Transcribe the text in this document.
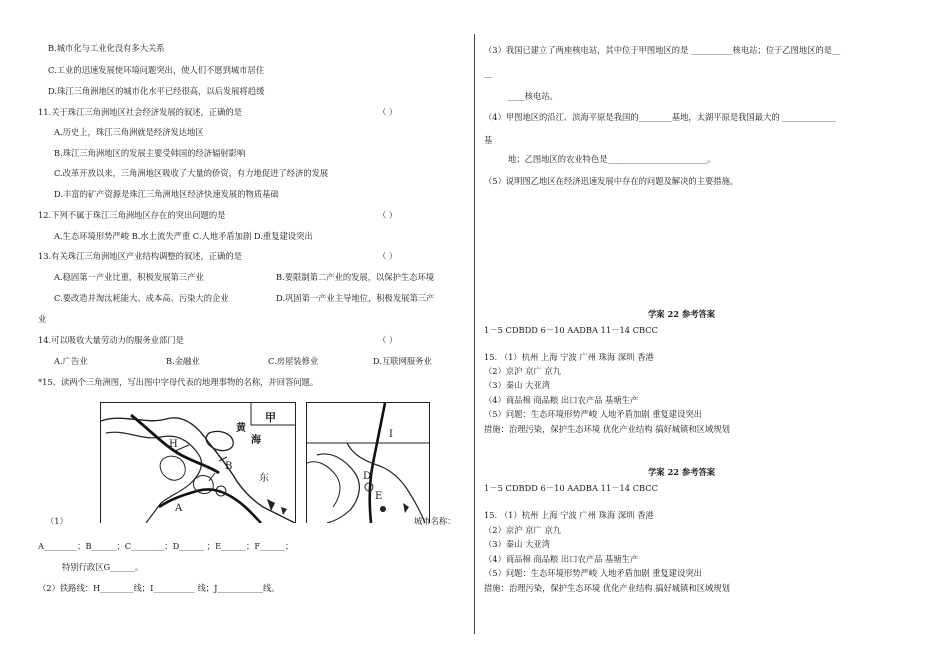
B.城市化与工业化没有多大关系
C.工业的迅速发展使环境问题突出，使人们不愿到城市居住
D.珠江三角洲地区的城市化水平已经很高，以后发展将趋缓
11.关于珠江三角洲地区社会经济发展的叙述，正确的是	（ ）
A.历史上，珠江三角洲就是经济发达地区
B.珠江三角洲地区的发展主要受韩国的经济辐射影响
C.改革开放以来，三角洲地区吸收了大量的侨资，有力地促进了经济的发展
D.丰富的矿产资源是珠江三角洲地区经济快速发展的物质基础
12.下列不属于珠江三角洲地区存在的突出问题的是	（ ）
A.生态环境形势严峻 B.水土流失严重 C.人地矛盾加剧 D.重复建设突出
13.有关珠江三角洲地区产业结构调整的叙述，正确的是	（ ）
A.稳固第一产业比重，积极发展第三产业	B.要限制第二产业的发展，以保护生态环境
C.要改造并淘汰耗能大、成本高、污染大的企业	D.巩固第一产业主导地位，积极发展第三产
业
14.可以吸收大量劳动力的服务业部门是	（ ）
A.广告业	B.金融业	C.房屋装修业	D.互联网服务业
*15、读两个三角洲图，写出图中字母代表的地理事物的名称，并回答问题。
黄
海
甲
东
H
B
A
I
D
E
（1）	城市名称：
A________；B______；C________；D______ ；E______；F______；
特别行政区G______。
（2）铁路线：H________线；I__________ 线；J___________线。
（3）我国已建立了两座核电站，其中位于甲图地区的是 __________核电站；位于乙图地区的是__
__
____核电站。
（4）甲图地区的沿江、滨海平原是我国的________基地，太湖平原是我国最大的 _____________
基
地；乙图地区的农业特色是________________________。
（5）说明图乙地区在经济迅速发展中存在的问题及解决的主要措施。
学案 22 参考答案
1－5 CDBDD 6－10 AADBA 11－14 CBCC
15. （1）杭州 上海 宁波 广州 珠海 深圳 香港
（2）京沪 京广 京九
（3）秦山 大亚湾
（4）商品棉 商品粮 出口农产品 基塘生产
（5）问题：生态环境形势严峻 人地矛盾加剧 重复建设突出
措施：治理污染，保护生态环境 优化产业结构 搞好城镇和区域规划
学案 22 参考答案
1－5 CDBDD 6－10 AADBA 11－14 CBCC
15. （1）杭州 上海 宁波 广州 珠海 深圳 香港
（2）京沪 京广 京九
（3）秦山 大亚湾
（4）商品棉 商品粮 出口农产品 基塘生产
（5）问题：生态环境形势严峻 人地矛盾加剧 重复建设突出
措施：治理污染，保护生态环境 优化产业结构 搞好城镇和区域规划
